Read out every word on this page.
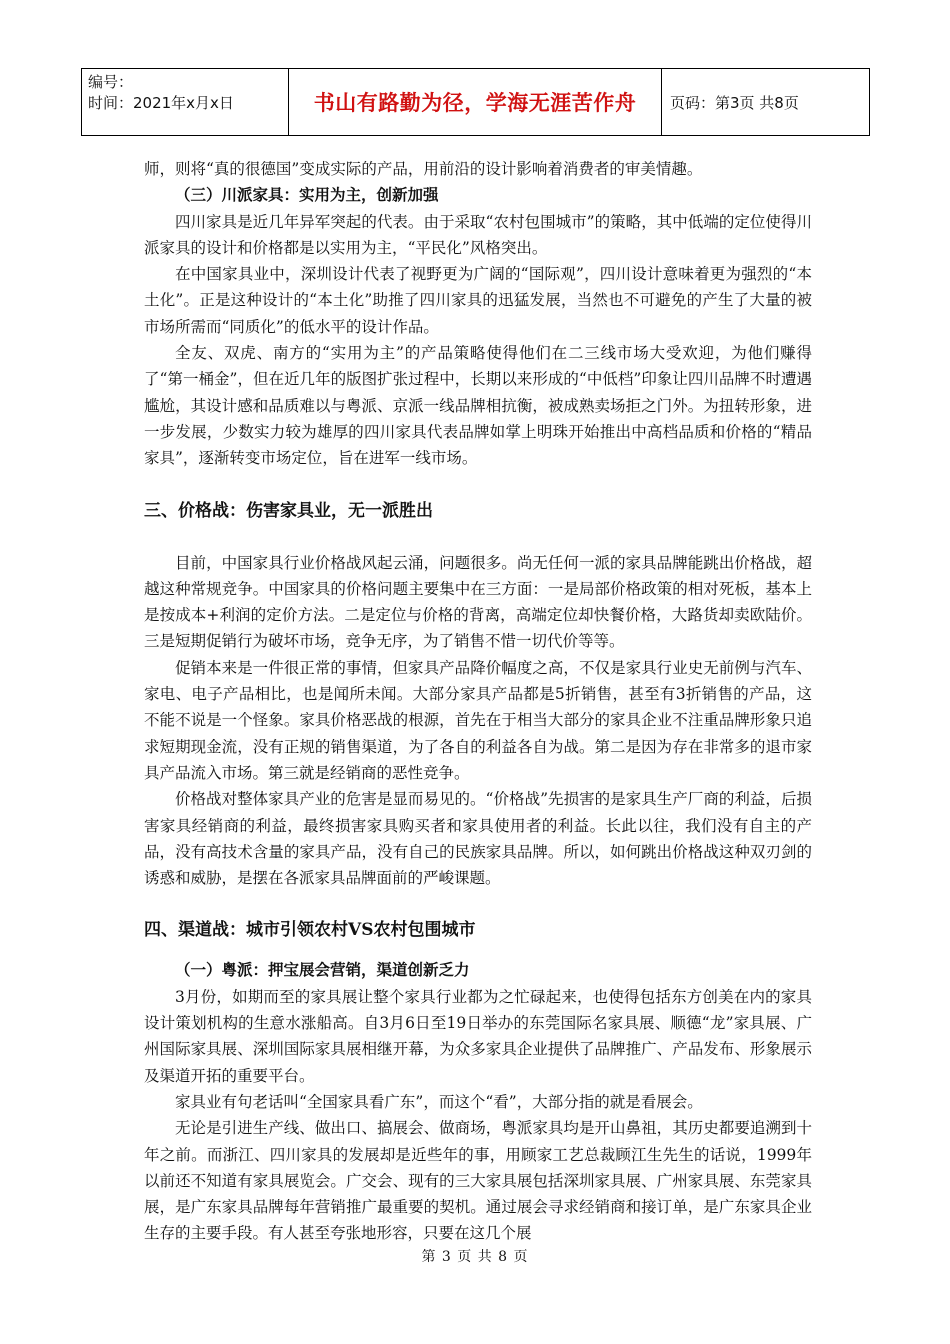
编号：
时间：2021年x月x日	书山有路勤为径，学海无涯苦作舟	页码：第3页 共8页

师，则将“真的很德国”变成实际的产品，用前沿的设计影响着消费者的审美情趣。

（三）川派家具：实用为主，创新加强

四川家具是近几年异军突起的代表。由于采取“农村包围城市”的策略，其中低端的定位使得川派家具的设计和价格都是以实用为主，“平民化”风格突出。

在中国家具业中，深圳设计代表了视野更为广阔的“国际观”，四川设计意味着更为强烈的“本土化”。正是这种设计的“本土化”助推了四川家具的迅猛发展，当然也不可避免的产生了大量的被市场所需而“同质化”的低水平的设计作品。

全友、双虎、南方的“实用为主”的产品策略使得他们在二三线市场大受欢迎，为他们赚得了“第一桶金”，但在近几年的版图扩张过程中，长期以来形成的“中低档”印象让四川品牌不时遭遇尴尬，其设计感和品质难以与粤派、京派一线品牌相抗衡，被成熟卖场拒之门外。为扭转形象，进一步发展，少数实力较为雄厚的四川家具代表品牌如掌上明珠开始推出中高档品质和价格的“精品家具”，逐渐转变市场定位，旨在进军一线市场。

三、价格战：伤害家具业，无一派胜出

目前，中国家具行业价格战风起云涌，问题很多。尚无任何一派的家具品牌能跳出价格战，超越这种常规竞争。中国家具的价格问题主要集中在三方面：一是局部价格政策的相对死板，基本上是按成本+利润的定价方法。二是定位与价格的背离，高端定位却快餐价格，大路货却卖欧陆价。三是短期促销行为破坏市场，竞争无序，为了销售不惜一切代价等等。

促销本来是一件很正常的事情，但家具产品降价幅度之高，不仅是家具行业史无前例与汽车、家电、电子产品相比，也是闻所未闻。大部分家具产品都是5折销售，甚至有3折销售的产品，这不能不说是一个怪象。家具价格恶战的根源，首先在于相当大部分的家具企业不注重品牌形象只追求短期现金流，没有正规的销售渠道，为了各自的利益各自为战。第二是因为存在非常多的退市家具产品流入市场。第三就是经销商的恶性竞争。

价格战对整体家具产业的危害是显而易见的。“价格战”先损害的是家具生产厂商的利益，后损害家具经销商的利益，最终损害家具购买者和家具使用者的利益。长此以往，我们没有自主的产品，没有高技术含量的家具产品，没有自己的民族家具品牌。所以，如何跳出价格战这种双刃剑的诱惑和威胁，是摆在各派家具品牌面前的严峻课题。

四、渠道战：城市引领农村VS农村包围城市
（一）粤派：押宝展会营销，渠道创新乏力

3月份，如期而至的家具展让整个家具行业都为之忙碌起来，也使得包括东方创美在内的家具设计策划机构的生意水涨船高。自3月6日至19日举办的东莞国际名家具展、顺德“龙”家具展、广州国际家具展、深圳国际家具展相继开幕，为众多家具企业提供了品牌推广、产品发布、形象展示及渠道开拓的重要平台。

家具业有句老话叫“全国家具看广东”，而这个“看”，大部分指的就是看展会。

无论是引进生产线、做出口、搞展会、做商场，粤派家具均是开山鼻祖，其历史都要追溯到十年之前。而浙江、四川家具的发展却是近些年的事，用顾家工艺总裁顾江生先生的话说，1999年以前还不知道有家具展览会。广交会、现有的三大家具展包括深圳家具展、广州家具展、东莞家具展，是广东家具品牌每年营销推广最重要的契机。通过展会寻求经销商和接订单，是广东家具企业生存的主要手段。有人甚至夸张地形容，只要在这几个展

第 3 页 共 8 页
